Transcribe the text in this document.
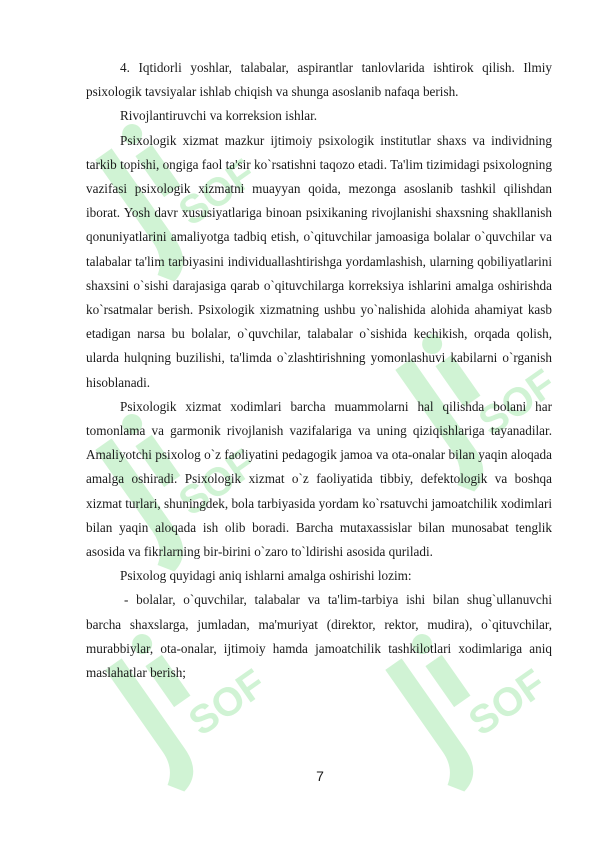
SOF
SOF
SOF
SOF	SOF

4. Iqtidorli yoshlar, talabalar, aspirantlar tanlovlarida ishtirok qilish. Ilmiy psixologik tavsiyalar ishlab chiqish va shunga asoslanib nafaqa berish.

Rivojlantiruvchi va korreksion ishlar.

Psixologik xizmat mazkur ijtimoiy psixologik institutlar shaxs va individning tarkib topishi, ongiga faol ta'sir ko`rsatishni taqozo etadi. Ta'lim tizimidagi psixologning vazifasi psixologik xizmatni muayyan qoida, mezonga asoslanib tashkil qilishdan iborat. Yosh davr xususiyatlariga binoan psixikaning rivojlanishi shaxsning shakllanish qonuniyatlarini amaliyotga tadbiq etish, o`qituvchilar jamoasiga bolalar o`quvchilar va talabalar ta'lim tarbiyasini individuallashtirishga yordamlashish, ularning qobiliyatlarini shaxsini o`sishi darajasiga qarab o`qituvchilarga korreksiya ishlarini amalga oshirishda ko`rsatmalar berish. Psixologik xizmatning ushbu yo`nalishida alohida ahamiyat kasb etadigan narsa bu bolalar, o`quvchilar, talabalar o`sishida kechikish, orqada qolish, ularda hulqning buzilishi, ta'limda o`zlashtirishning yomonlashuvi kabilarni o`rganish hisoblanadi.

Psixologik xizmat xodimlari barcha muammolarni hal qilishda bolani har tomonlama va garmonik rivojlanish vazifalariga va uning qiziqishlariga tayanadilar. Amaliyotchi psixolog o`z faoliyatini pedagogik jamoa va ota-onalar bilan yaqin aloqada amalga oshiradi. Psixologik xizmat o`z faoliyatida tibbiy, defektologik va boshqa xizmat turlari, shuningdek, bola tarbiyasida yordam ko`rsatuvchi jamoatchilik xodimlari bilan yaqin aloqada ish olib boradi. Barcha mutaxassislar bilan munosabat tenglik asosida va fikrlarning bir-birini o`zaro to`ldirishi asosida quriladi.

Psixolog quyidagi aniq ishlarni amalga oshirishi lozim:

- bolalar, o`quvchilar, talabalar va ta'lim-tarbiya ishi bilan shug`ullanuvchi barcha shaxslarga, jumladan, ma'muriyat (direktor, rektor, mudira), o`qituvchilar, murabbiylar, ota-onalar, ijtimoiy hamda jamoatchilik tashkilotlari xodimlariga aniq maslahatlar berish;

7
